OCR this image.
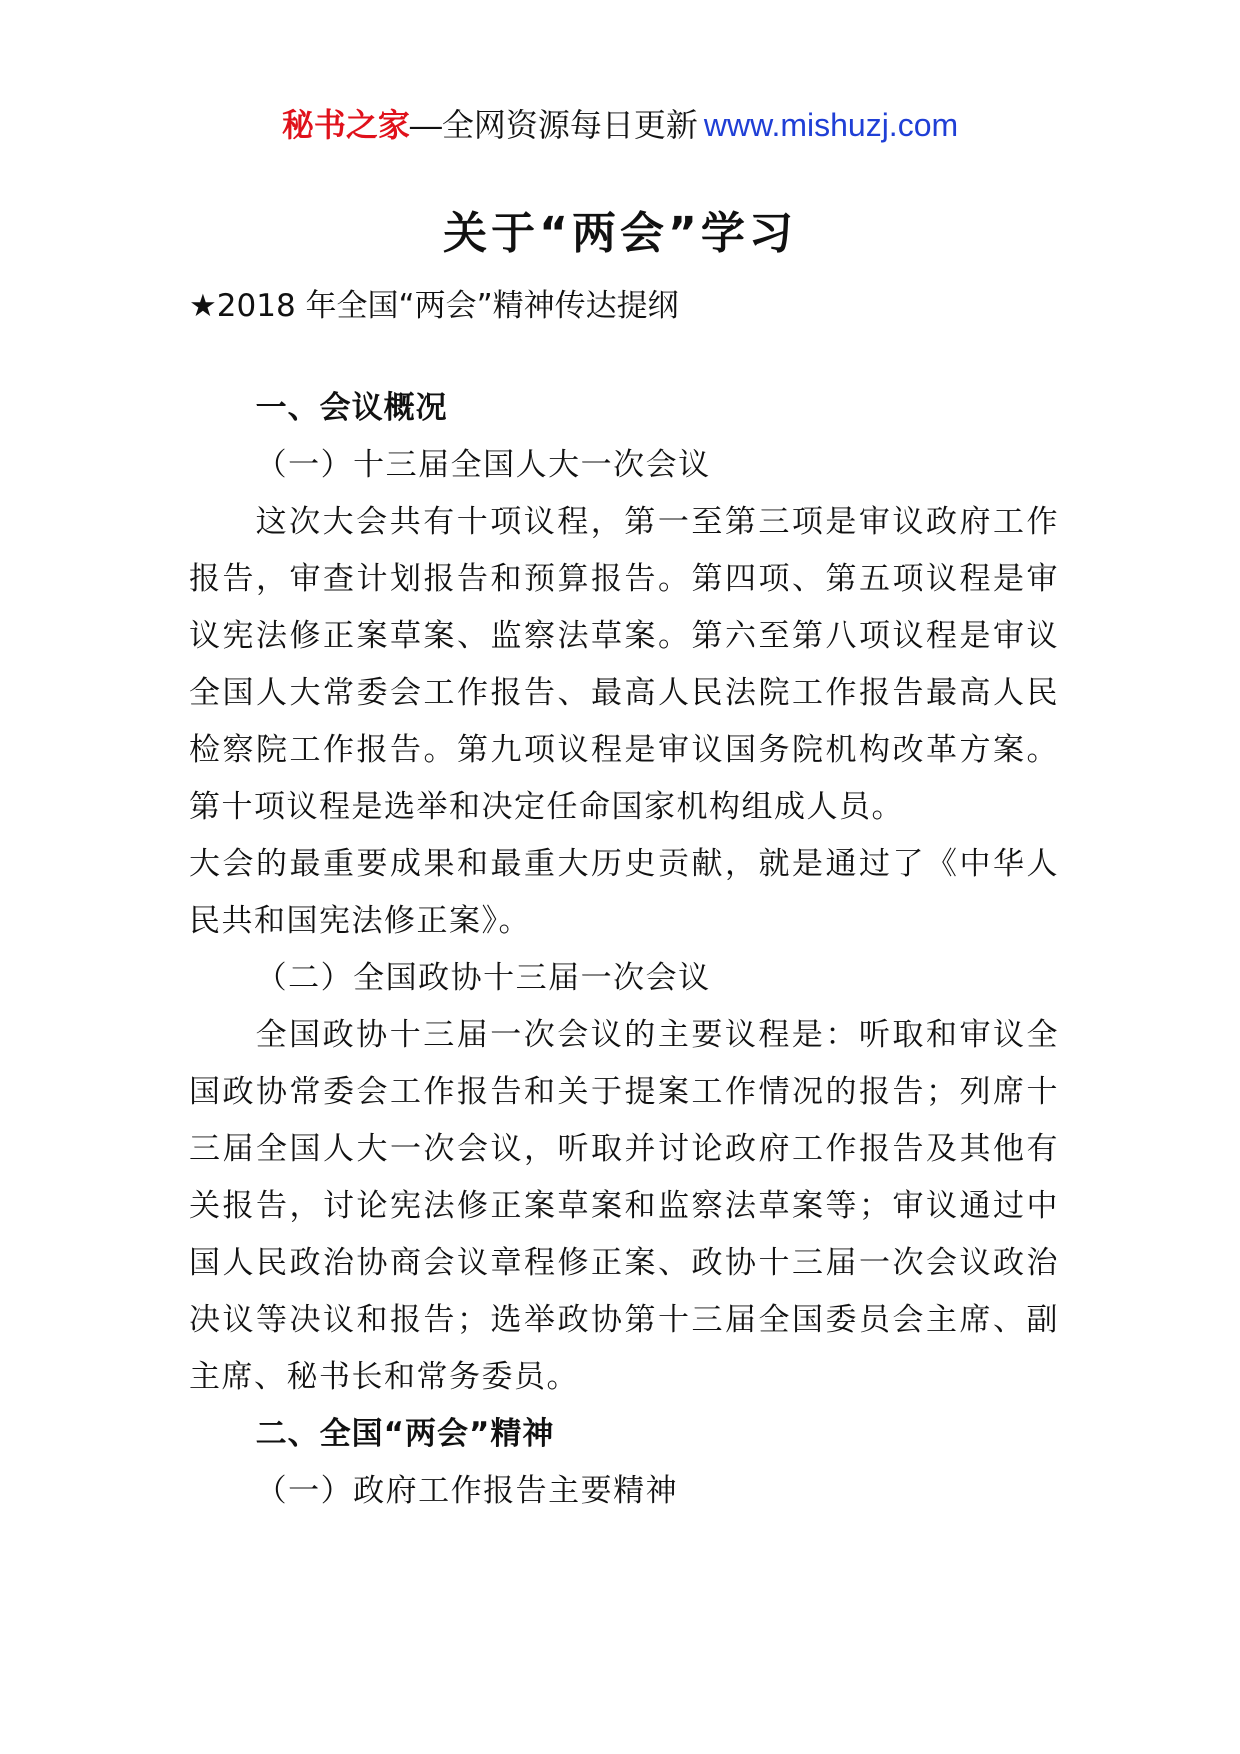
秘书之家—全网资源每日更新 www.mishuzj.com
关于“两会”学习
★2018 年全国“两会”精神传达提纲

一、会议概况

（一）十三届全国人大一次会议

这次大会共有十项议程，第一至第三项是审议政府工作报告，审查计划报告和预算报告。第四项、第五项议程是审议宪法修正案草案、监察法草案。第六至第八项议程是审议全国人大常委会工作报告、最高人民法院工作报告最高人民检察院工作报告。第九项议程是审议国务院机构改革方案。第十项议程是选举和决定任命国家机构组成人员。

大会的最重要成果和最重大历史贡献，就是通过了《中华人民共和国宪法修正案》。

（二）全国政协十三届一次会议

全国政协十三届一次会议的主要议程是：听取和审议全国政协常委会工作报告和关于提案工作情况的报告；列席十三届全国人大一次会议，听取并讨论政府工作报告及其他有关报告，讨论宪法修正案草案和监察法草案等；审议通过中国人民政治协商会议章程修正案、政协十三届一次会议政治决议等决议和报告；选举政协第十三届全国委员会主席、副主席、秘书长和常务委员。

二、全国“两会”精神

（一）政府工作报告主要精神
